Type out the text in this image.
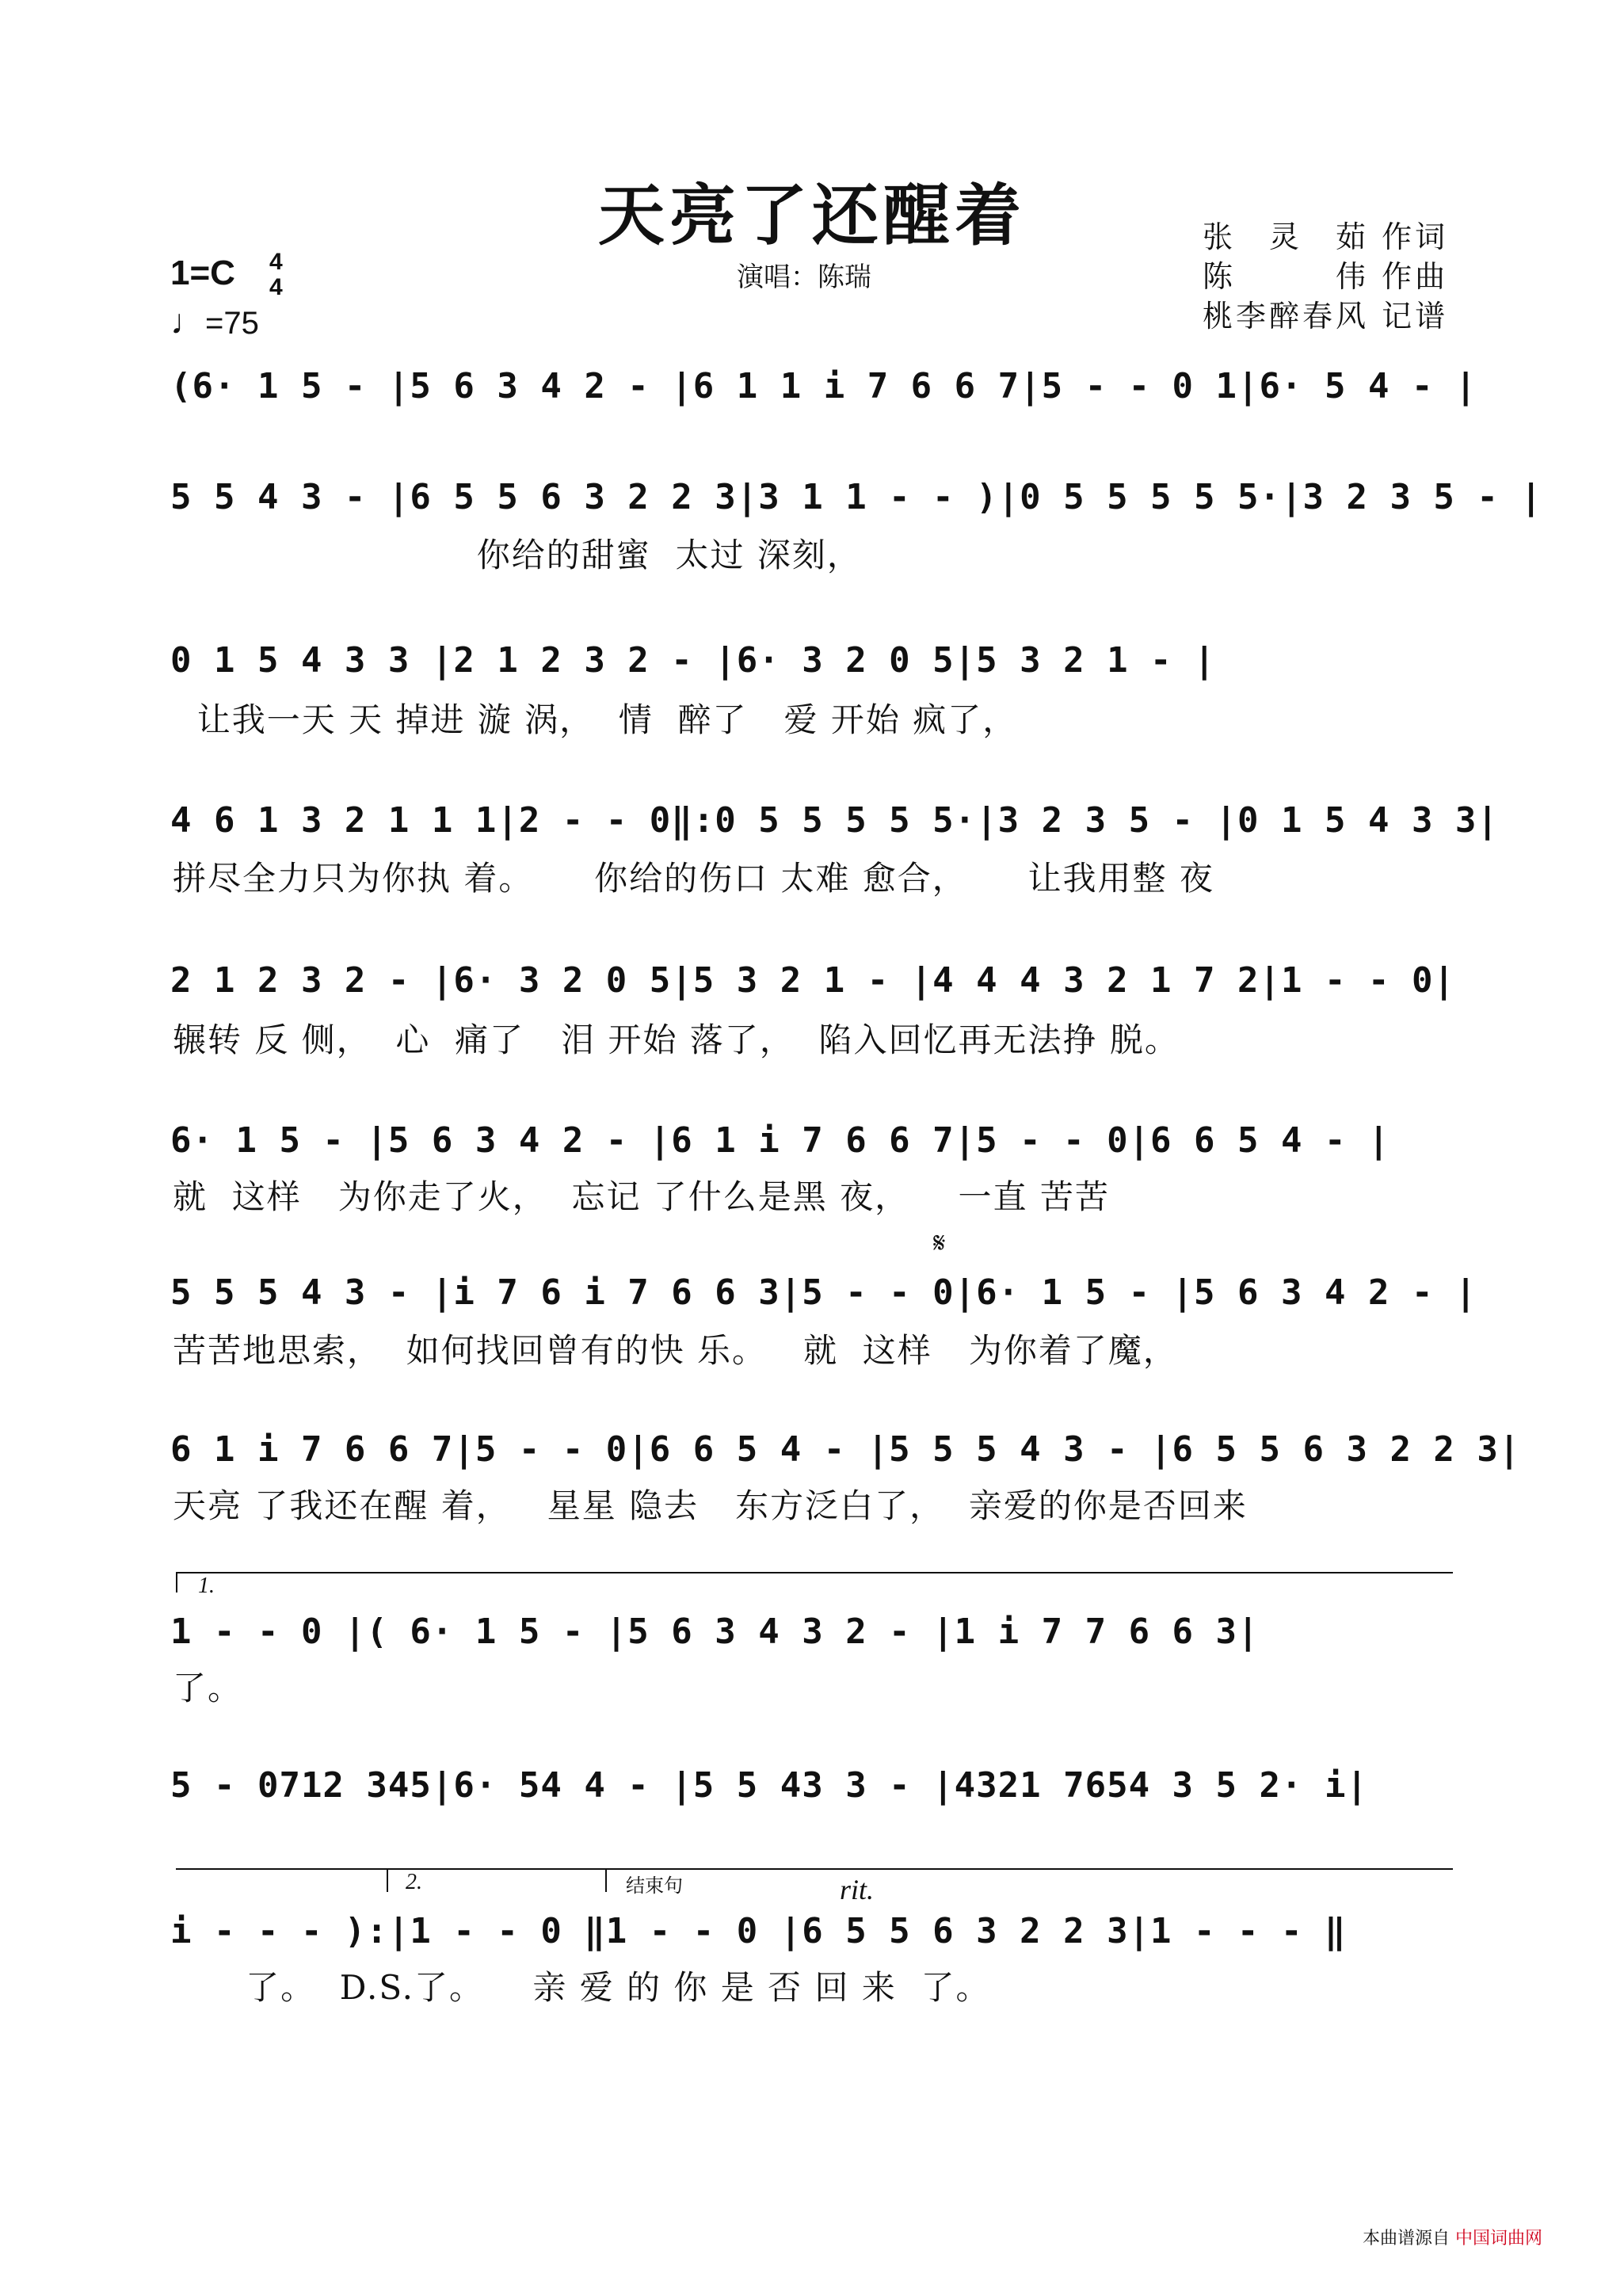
天亮了还醒着
演唱：陈瑞
张　灵　茹 作词
陈　　　伟 作曲
桃李醉春风 记谱
1=C 4
4
♩=75
(6· 1 5 - |5 6 3 4 2 - |6 1 1 i 7 6 6 7|5 - - 0 1|6· 5 4 - |
5 5 4 3 - |6 5 5 6 3 2 2 3|3 1 1 - - )|0 5 5 5 5 5·|3 2 3 5 - |
你给的甜蜜  太过 深刻，
0 1 5 4 3 3 |2 1 2 3 2 - |6· 3 2 0 5|5 3 2 1 - |
让我一天 天 掉进 漩 涡，  情  醉了   爱 开始 疯了，
4 6 1 3 2 1 1 1|2 - - 0‖:0 5 5 5 5 5·|3 2 3 5 - |0 1 5 4 3 3|
拼尽全力只为你执 着。     你给的伤口 太难 愈合，     让我用整 夜
2 1 2 3 2 - |6· 3 2 0 5|5 3 2 1 - |4 4 4 3 2 1 7 2|1 - - 0|
辗转 反 侧，  心  痛了   泪 开始 落了，  陷入回忆再无法挣 脱。
6· 1 5 - |5 6 3 4 2 - |6 1 i 7 6 6 7|5 - - 0|6 6 5 4 - |
就  这样   为你走了火，  忘记 了什么是黑 夜，    一直 苦苦
𝄋
5 5 5 4 3 - |i 7 6 i 7 6 6 3|5 - - 0|6· 1 5 - |5 6 3 4 2 - |
苦苦地思索，  如何找回曾有的快 乐。   就  这样   为你着了魔，
6 1 i 7 6 6 7|5 - - 0|6 6 5 4 - |5 5 5 4 3 - |6 5 5 6 3 2 2 3|
天亮 了我还在醒 着，   星星 隐去   东方泛白了，  亲爱的你是否回来
1.
1 - - 0 |( 6· 1 5 - |5 6 3 4 3 2 - |1 i 7 7 6 6 3|
了。
5 - 0712 345|6· 54 4 - |5 5 43 3 - |4321 7654 3 5 2· i|
2.	结束句	rit.
i - - - ):|1 - - 0 ‖1 - - 0 |6 5 5 6 3 2 2 3|1 - - - ‖
了。  D.S.了。    亲 爱 的 你 是 否 回 来  了。
本曲谱源自 中国词曲网
